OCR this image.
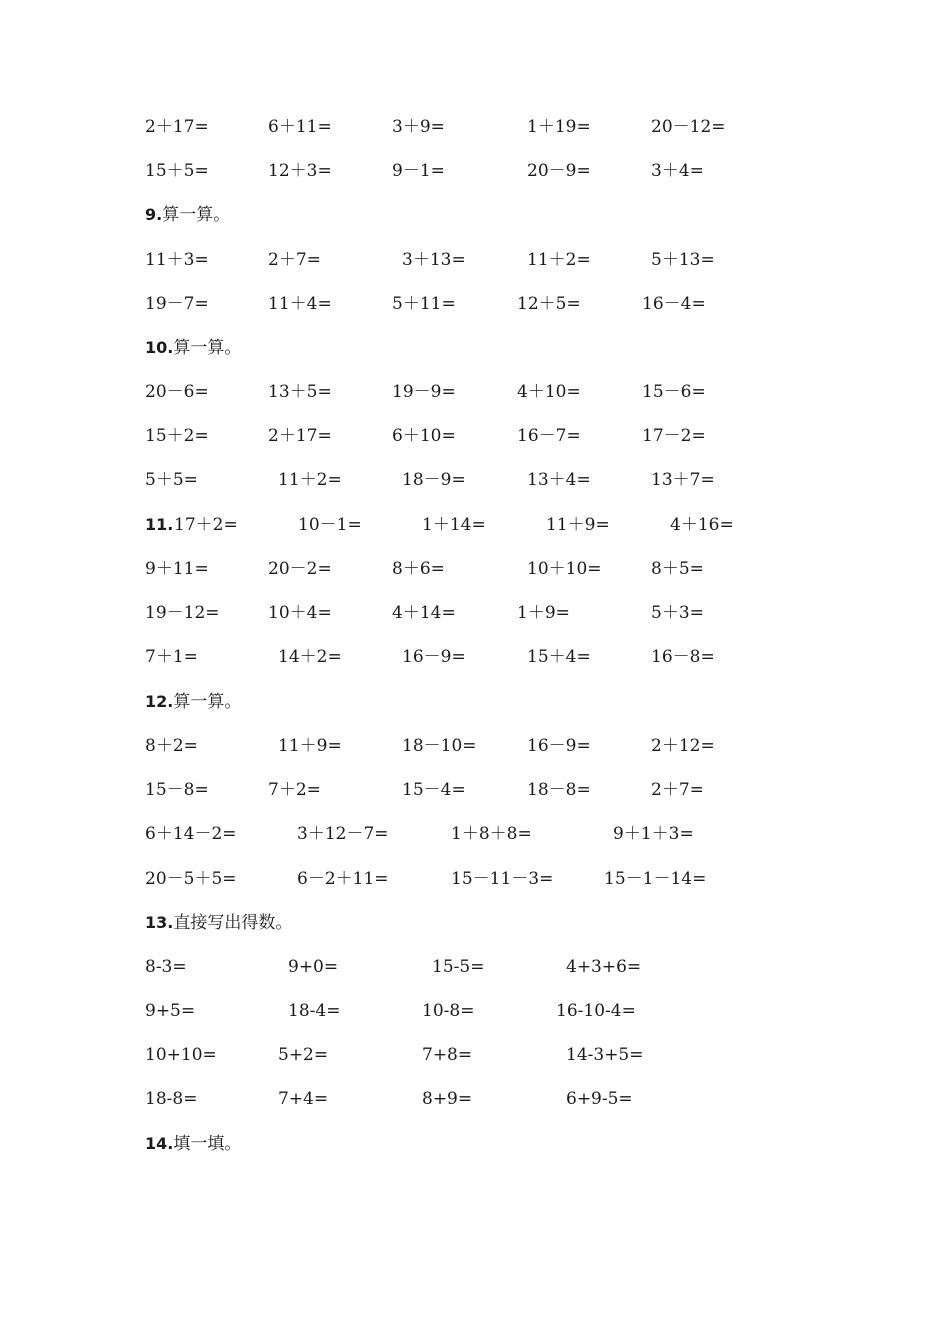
2＋17=	6＋11=	3＋9=	1＋19=	20－12=
15＋5=	12＋3=	9－1=	20－9=	3＋4=
9.算一算。
11＋3=	2＋7=	3＋13=	11＋2=	5＋13=
19－7=	11＋4=	5＋11=	12＋5=	16－4=
10.算一算。
20－6=	13＋5=	19－9=	4＋10=	15－6=
15＋2=	2＋17=	6＋10=	16－7=	17－2=
5＋5=	11＋2=	18－9=	13＋4=	13＋7=
11. 17＋2=	10－1=	1＋14=	11＋9=	4＋16=
9＋11=	20－2=	8＋6=	10＋10=	8＋5=
19－12=	10＋4=	4＋14=	1＋9=	5＋3=
7＋1=	14＋2=	16－9=	15＋4=	16－8=
12.算一算。
8＋2=	11＋9=	18－10=	16－9=	2＋12=
15－8=	7＋2=	15－4=	18－8=	2＋7=
6＋14－2=	3＋12－7=	1＋8＋8=	9＋1＋3=
20－5＋5=	6－2＋11=	15－11－3=	15－1－14=
13.直接写出得数。
8-3=	9+0=	15-5=	4+3+6=
9+5=	18-4=	10-8=	16-10-4=
10+10=	5+2=	7+8=	14-3+5=
18-8=	7+4=	8+9=	6+9-5=
14.填一填。
